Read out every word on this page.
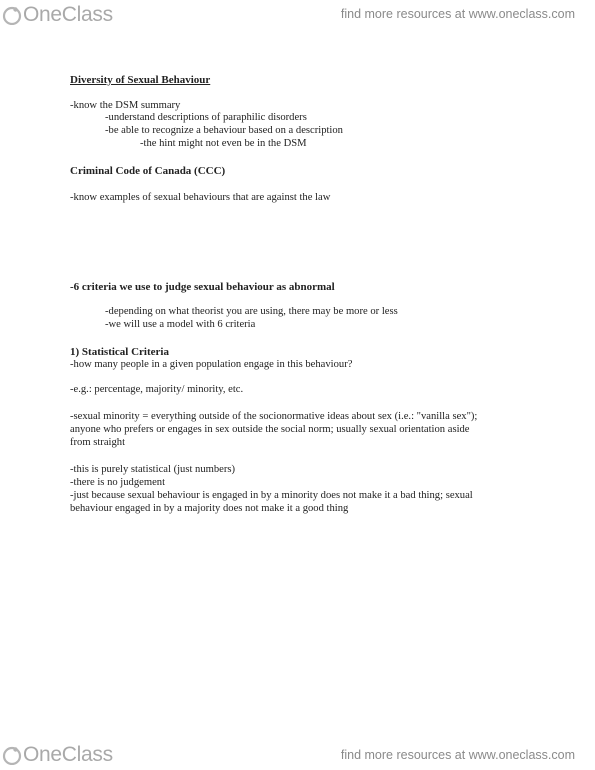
OneClass	find more resources at www.oneclass.com
Diversity of Sexual Behaviour
-know the DSM summary
-understand descriptions of paraphilic disorders
-be able to recognize a behaviour based on a description
-the hint might not even be in the DSM
Criminal Code of Canada (CCC)
-know examples of sexual behaviours that are against the law
-6 criteria we use to judge sexual behaviour as abnormal
-depending on what theorist you are using, there may be more or less
-we will use a model with 6 criteria
1) Statistical Criteria
-how many people in a given population engage in this behaviour?
-e.g.: percentage, majority/ minority, etc.
-sexual minority = everything outside of the socionormative ideas about sex (i.e.: "vanilla sex");
anyone who prefers or engages in sex outside the social norm; usually sexual orientation aside
from straight
-this is purely statistical (just numbers)
-there is no judgement
-just because sexual behaviour is engaged in by a minority does not make it a bad thing; sexual
behaviour engaged in by a majority does not make it a good thing
OneClass	find more resources at www.oneclass.com
